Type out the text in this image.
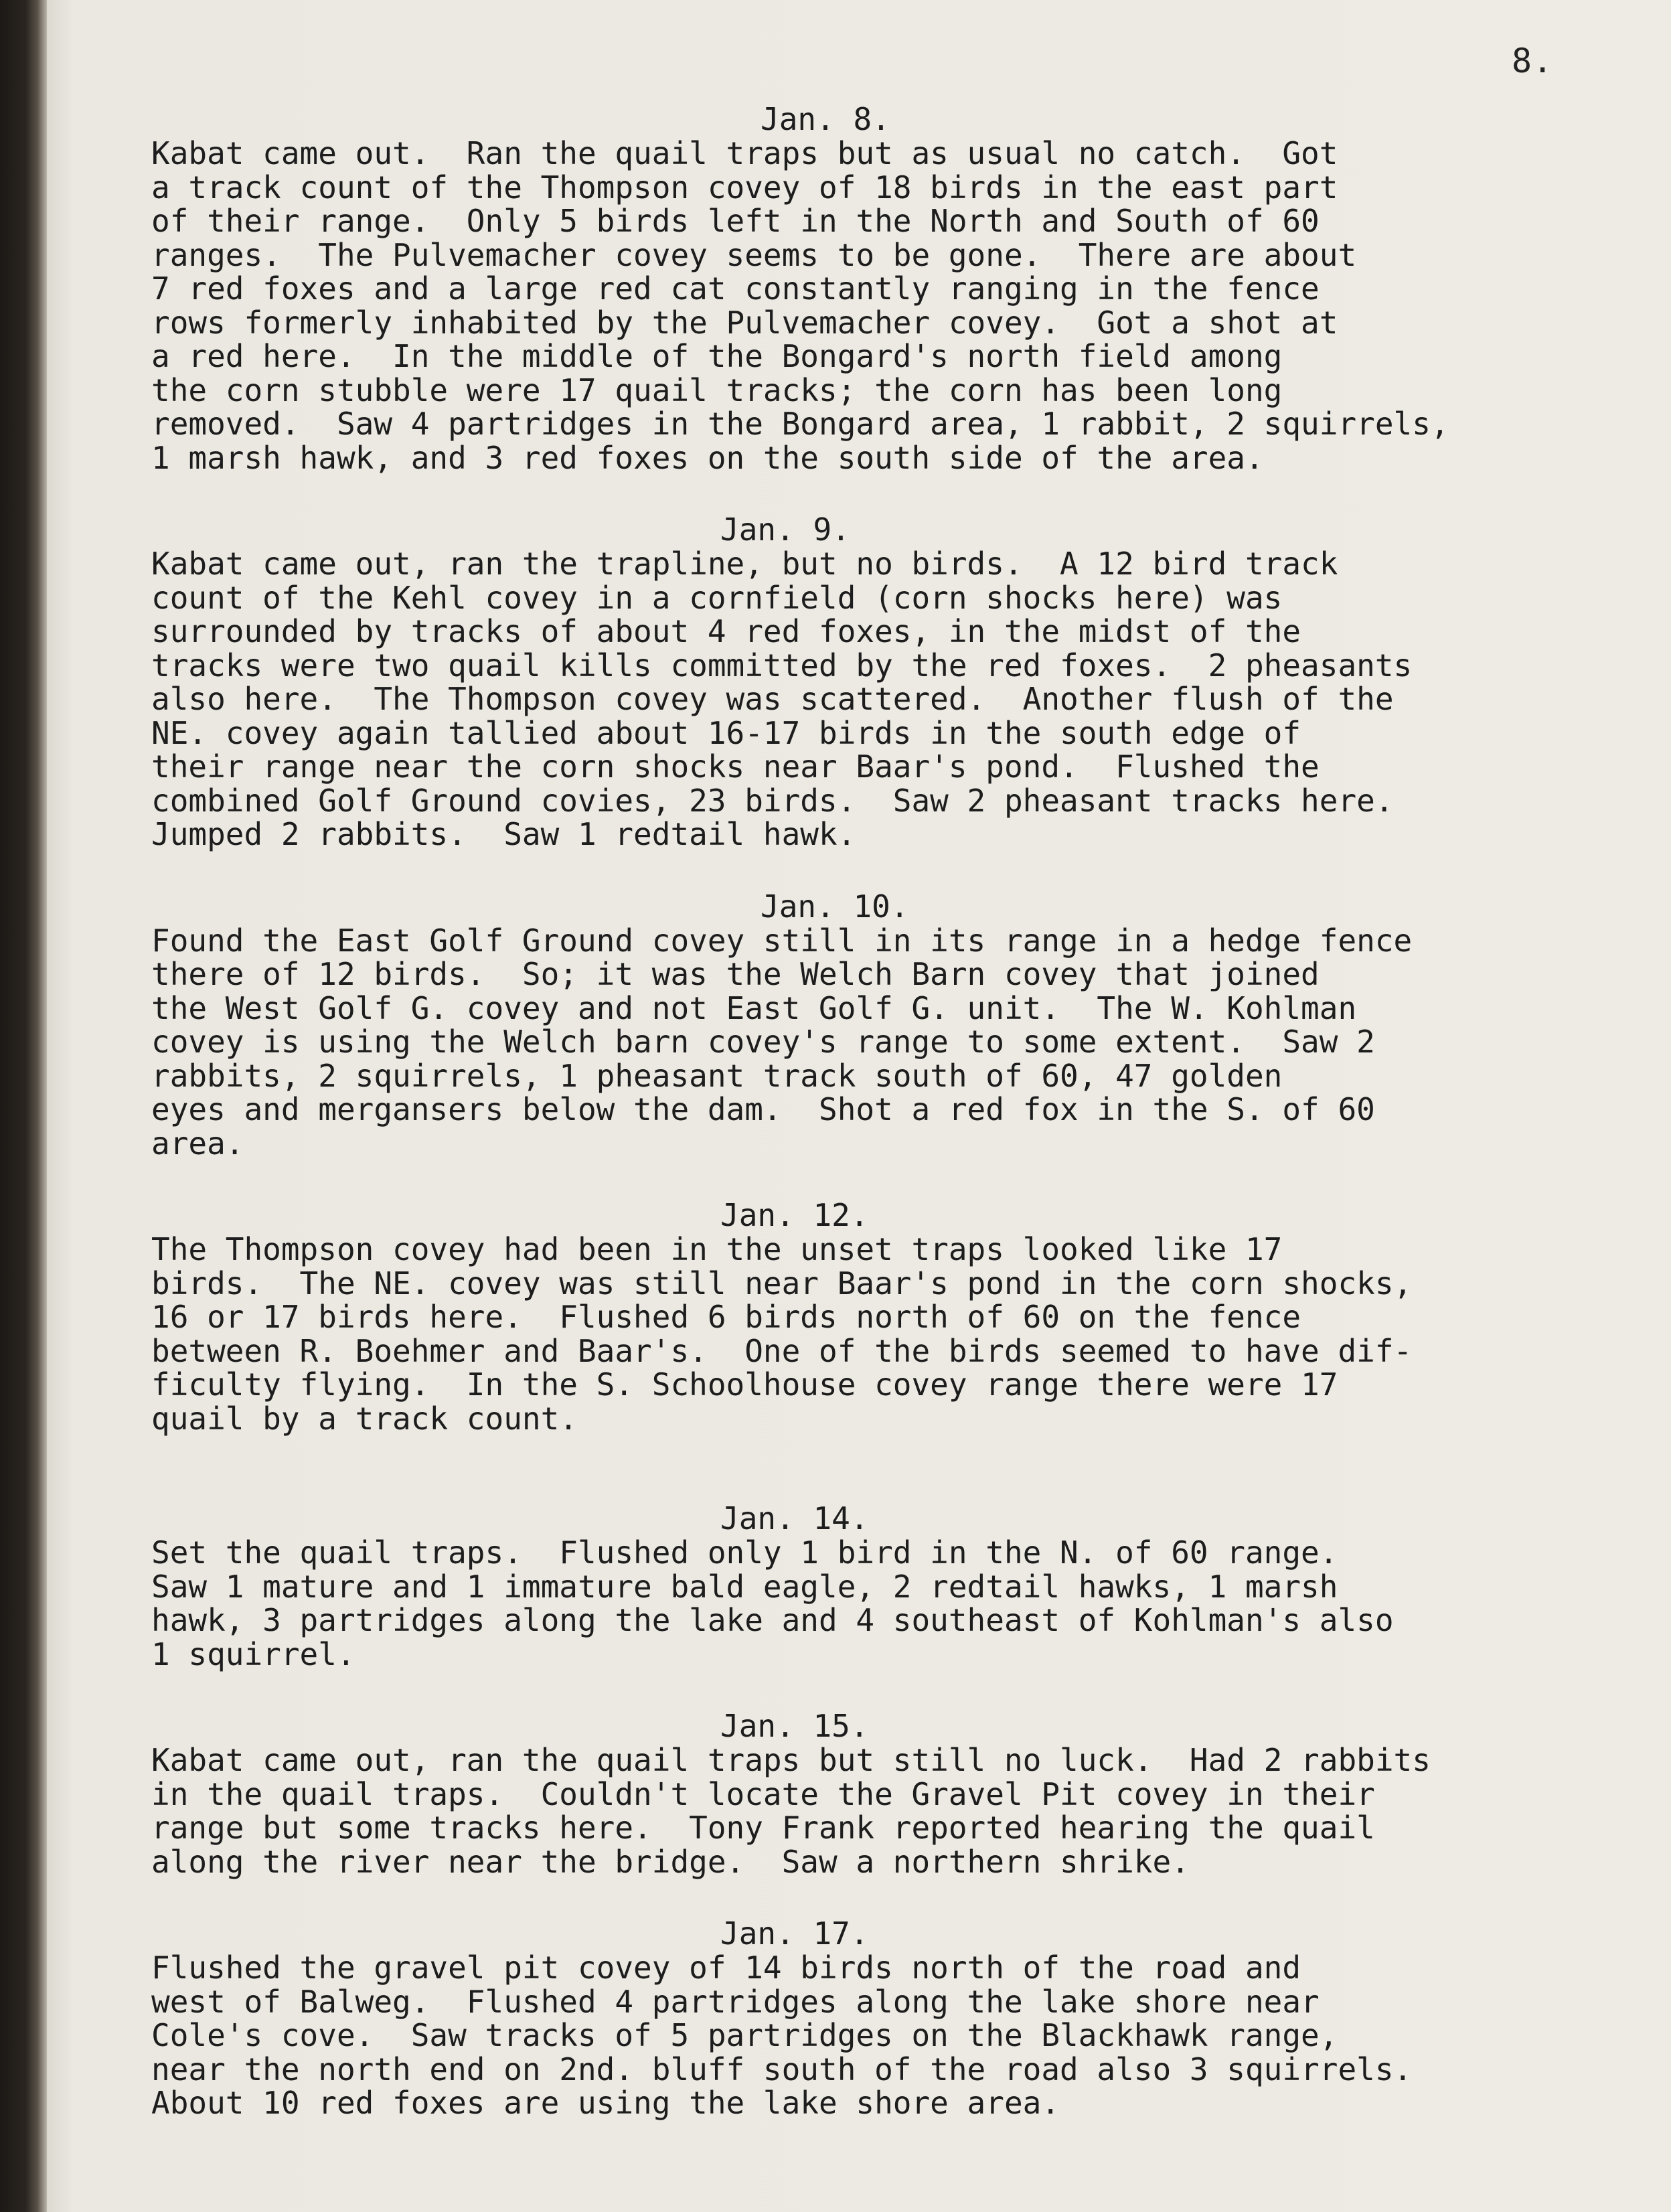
8.
Jan. 8.
Kabat came out.  Ran the quail traps but as usual no catch.  Got
a track count of the Thompson covey of 18 birds in the east part
of their range.  Only 5 birds left in the North and South of 60
ranges.  The Pulvemacher covey seems to be gone.  There are about
7 red foxes and a large red cat constantly ranging in the fence
rows formerly inhabited by the Pulvemacher covey.  Got a shot at
a red here.  In the middle of the Bongard's north field among
the corn stubble were 17 quail tracks; the corn has been long
removed.  Saw 4 partridges in the Bongard area, 1 rabbit, 2 squirrels,
1 marsh hawk, and 3 red foxes on the south side of the area.
Jan. 9.
Kabat came out, ran the trapline, but no birds.  A 12 bird track
count of the Kehl covey in a cornfield (corn shocks here) was
surrounded by tracks of about 4 red foxes, in the midst of the
tracks were two quail kills committed by the red foxes.  2 pheasants
also here.  The Thompson covey was scattered.  Another flush of the
NE. covey again tallied about 16-17 birds in the south edge of
their range near the corn shocks near Baar's pond.  Flushed the
combined Golf Ground covies, 23 birds.  Saw 2 pheasant tracks here.
Jumped 2 rabbits.  Saw 1 redtail hawk.
Jan. 10.
Found the East Golf Ground covey still in its range in a hedge fence
there of 12 birds.  So; it was the Welch Barn covey that joined
the West Golf G. covey and not East Golf G. unit.  The W. Kohlman
covey is using the Welch barn covey's range to some extent.  Saw 2
rabbits, 2 squirrels, 1 pheasant track south of 60, 47 golden
eyes and mergansers below the dam.  Shot a red fox in the S. of 60
area.
Jan. 12.
The Thompson covey had been in the unset traps looked like 17
birds.  The NE. covey was still near Baar's pond in the corn shocks,
16 or 17 birds here.  Flushed 6 birds north of 60 on the fence
between R. Boehmer and Baar's.  One of the birds seemed to have dif-
ficulty flying.  In the S. Schoolhouse covey range there were 17
quail by a track count.
Jan. 14.
Set the quail traps.  Flushed only 1 bird in the N. of 60 range.
Saw 1 mature and 1 immature bald eagle, 2 redtail hawks, 1 marsh
hawk, 3 partridges along the lake and 4 southeast of Kohlman's also
1 squirrel.
Jan. 15.
Kabat came out, ran the quail traps but still no luck.  Had 2 rabbits
in the quail traps.  Couldn't locate the Gravel Pit covey in their
range but some tracks here.  Tony Frank reported hearing the quail
along the river near the bridge.  Saw a northern shrike.
Jan. 17.
Flushed the gravel pit covey of 14 birds north of the road and
west of Balweg.  Flushed 4 partridges along the lake shore near
Cole's cove.  Saw tracks of 5 partridges on the Blackhawk range,
near the north end on 2nd. bluff south of the road also 3 squirrels.
About 10 red foxes are using the lake shore area.
